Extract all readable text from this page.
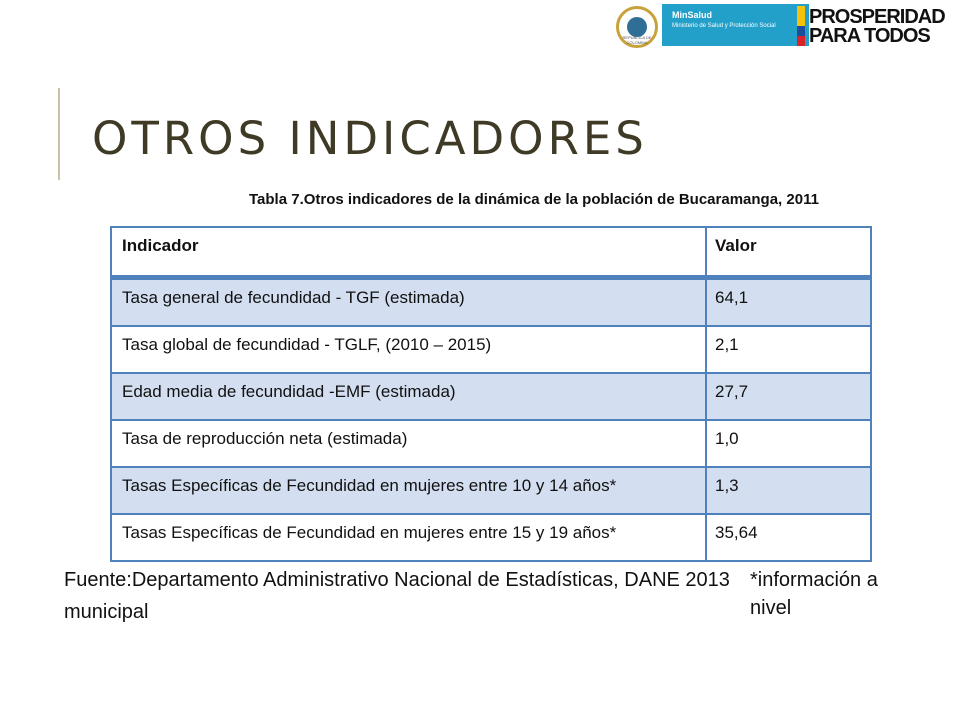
REPÚBLICA DE COLOMBIA
MinSalud
Ministerio de Salud y Protección Social	PROSPERIDAD
PARA TODOS
OTROS INDICADORES
Tabla 7.Otros indicadores de la dinámica de la población de Bucaramanga, 2011
Indicador	Valor
Tasa general de fecundidad - TGF (estimada)	64,1
Tasa global de fecundidad - TGLF, (2010 – 2015)	2,1
Edad media de fecundidad -EMF (estimada)	27,7
Tasa de reproducción neta (estimada)	1,0
Tasas Específicas de Fecundidad en mujeres entre 10 y 14 años*	1,3
Tasas Específicas de Fecundidad en mujeres entre 15 y 19 años*	35,64
Fuente:Departamento Administrativo Nacional de Estadísticas, DANE 2013 *información a nivel
municipal
